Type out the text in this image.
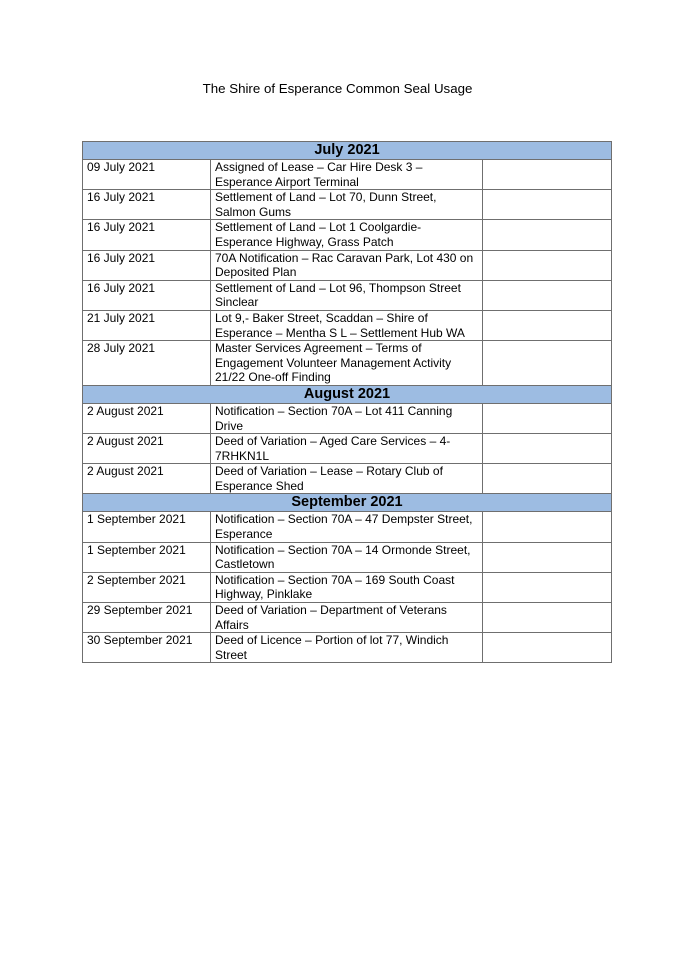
The Shire of Esperance Common Seal Usage
July 2021		
09 July 2021	Assigned of Lease – Car Hire Desk 3 – Esperance Airport Terminal	
16 July 2021	Settlement of Land – Lot 70, Dunn Street, Salmon Gums	
16 July 2021	Settlement of Land – Lot 1 Coolgardie-Esperance Highway, Grass Patch	
16 July 2021	70A Notification – Rac Caravan Park, Lot 430 on Deposited Plan	
16 July 2021	Settlement of Land – Lot 96, Thompson Street Sinclear	
21 July 2021	Lot 9,- Baker Street, Scaddan – Shire of Esperance – Mentha S L – Settlement Hub WA	
28 July 2021	Master Services Agreement – Terms of Engagement Volunteer Management Activity 21/22 One-off Finding	
August 2021		
2 August 2021	Notification – Section 70A – Lot 411 Canning Drive	
2 August 2021	Deed of Variation – Aged Care Services – 4-7RHKN1L	
2 August 2021	Deed of Variation – Lease – Rotary Club of Esperance Shed	
September 2021		
1 September 2021	Notification – Section 70A – 47 Dempster Street, Esperance	
1 September 2021	Notification – Section 70A – 14 Ormonde Street, Castletown	
2 September 2021	Notification – Section 70A – 169 South Coast Highway, Pinklake	
29 September 2021	Deed of Variation – Department of Veterans Affairs	
30 September 2021	Deed of Licence – Portion of lot 77, Windich Street	
